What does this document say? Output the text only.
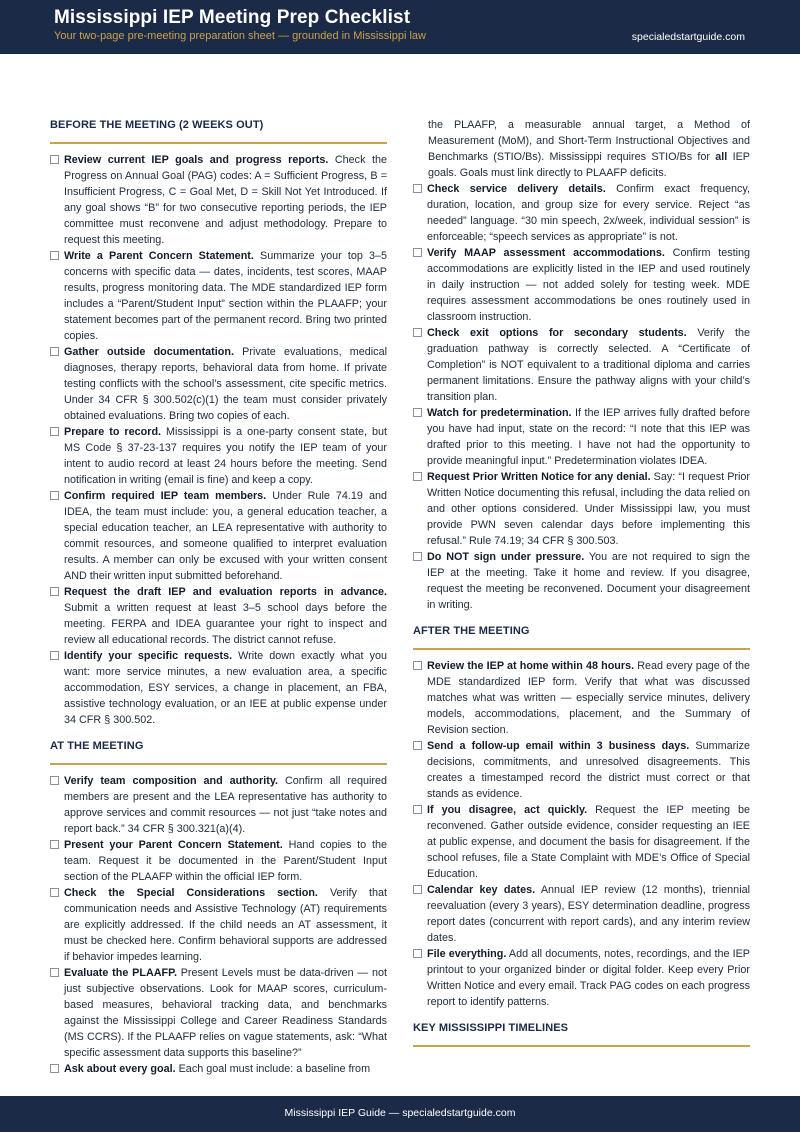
Mississippi IEP Meeting Prep Checklist
Your two-page pre-meeting preparation sheet — grounded in Mississippi law	specialedstartguide.com
BEFORE THE MEETING (2 WEEKS OUT)
Review current IEP goals and progress reports. Check the Progress on Annual Goal (PAG) codes: A = Sufficient Progress, B = Insufficient Progress, C = Goal Met, D = Skill Not Yet Introduced. If any goal shows “B” for two consecutive reporting periods, the IEP committee must reconvene and adjust methodology. Prepare to request this meeting.
Write a Parent Concern Statement. Summarize your top 3–5 concerns with specific data — dates, incidents, test scores, MAAP results, progress monitoring data. The MDE standardized IEP form includes a “Parent/Student Input” section within the PLAAFP; your statement becomes part of the permanent record. Bring two printed copies.
Gather outside documentation. Private evaluations, medical diagnoses, therapy reports, behavioral data from home. If private testing conflicts with the school’s assessment, cite specific metrics. Under 34 CFR § 300.502(c)(1) the team must consider privately obtained evaluations. Bring two copies of each.
Prepare to record. Mississippi is a one-party consent state, but MS Code § 37-23-137 requires you notify the IEP team of your intent to audio record at least 24 hours before the meeting. Send notification in writing (email is fine) and keep a copy.
Confirm required IEP team members. Under Rule 74.19 and IDEA, the team must include: you, a general education teacher, a special education teacher, an LEA representative with authority to commit resources, and someone qualified to interpret evaluation results. A member can only be excused with your written consent AND their written input submitted beforehand.
Request the draft IEP and evaluation reports in advance. Submit a written request at least 3–5 school days before the meeting. FERPA and IDEA guarantee your right to inspect and review all educational records. The district cannot refuse.
Identify your specific requests. Write down exactly what you want: more service minutes, a new evaluation area, a specific accommodation, ESY services, a change in placement, an FBA, assistive technology evaluation, or an IEE at public expense under 34 CFR § 300.502.
AT THE MEETING
Verify team composition and authority. Confirm all required members are present and the LEA representative has authority to approve services and commit resources — not just “take notes and report back.” 34 CFR § 300.321(a)(4).
Present your Parent Concern Statement. Hand copies to the team. Request it be documented in the Parent/Student Input section of the PLAAFP within the official IEP form.
Check the Special Considerations section. Verify that communication needs and Assistive Technology (AT) requirements are explicitly addressed. If the child needs an AT assessment, it must be checked here. Confirm behavioral supports are addressed if behavior impedes learning.
Evaluate the PLAAFP. Present Levels must be data-driven — not just subjective observations. Look for MAAP scores, curriculum-based measures, behavioral tracking data, and benchmarks against the Mississippi College and Career Readiness Standards (MS CCRS). If the PLAAFP relies on vague statements, ask: “What specific assessment data supports this baseline?”
Ask about every goal. Each goal must include: a baseline from
the PLAAFP, a measurable annual target, a Method of Measurement (MoM), and Short-Term Instructional Objectives and Benchmarks (STIO/Bs). Mississippi requires STIO/Bs for all IEP goals. Goals must link directly to PLAAFP deficits.
Check service delivery details. Confirm exact frequency, duration, location, and group size for every service. Reject “as needed” language. “30 min speech, 2x/week, individual session” is enforceable; “speech services as appropriate” is not.
Verify MAAP assessment accommodations. Confirm testing accommodations are explicitly listed in the IEP and used routinely in daily instruction — not added solely for testing week. MDE requires assessment accommodations be ones routinely used in classroom instruction.
Check exit options for secondary students. Verify the graduation pathway is correctly selected. A “Certificate of Completion” is NOT equivalent to a traditional diploma and carries permanent limitations. Ensure the pathway aligns with your child’s transition plan.
Watch for predetermination. If the IEP arrives fully drafted before you have had input, state on the record: “I note that this IEP was drafted prior to this meeting. I have not had the opportunity to provide meaningful input.” Predetermination violates IDEA.
Request Prior Written Notice for any denial. Say: “I request Prior Written Notice documenting this refusal, including the data relied on and other options considered. Under Mississippi law, you must provide PWN seven calendar days before implementing this refusal.” Rule 74.19; 34 CFR § 300.503.
Do NOT sign under pressure. You are not required to sign the IEP at the meeting. Take it home and review. If you disagree, request the meeting be reconvened. Document your disagreement in writing.
AFTER THE MEETING
Review the IEP at home within 48 hours. Read every page of the MDE standardized IEP form. Verify that what was discussed matches what was written — especially service minutes, delivery models, accommodations, placement, and the Summary of Revision section.
Send a follow-up email within 3 business days. Summarize decisions, commitments, and unresolved disagreements. This creates a timestamped record the district must correct or that stands as evidence.
If you disagree, act quickly. Request the IEP meeting be reconvened. Gather outside evidence, consider requesting an IEE at public expense, and document the basis for disagreement. If the school refuses, file a State Complaint with MDE’s Office of Special Education.
Calendar key dates. Annual IEP review (12 months), triennial reevaluation (every 3 years), ESY determination deadline, progress report dates (concurrent with report cards), and any interim review dates.
File everything. Add all documents, notes, recordings, and the IEP printout to your organized binder or digital folder. Keep every Prior Written Notice and every email. Track PAG codes on each progress report to identify patterns.
KEY MISSISSIPPI TIMELINES
Mississippi IEP Guide — specialedstartguide.com
